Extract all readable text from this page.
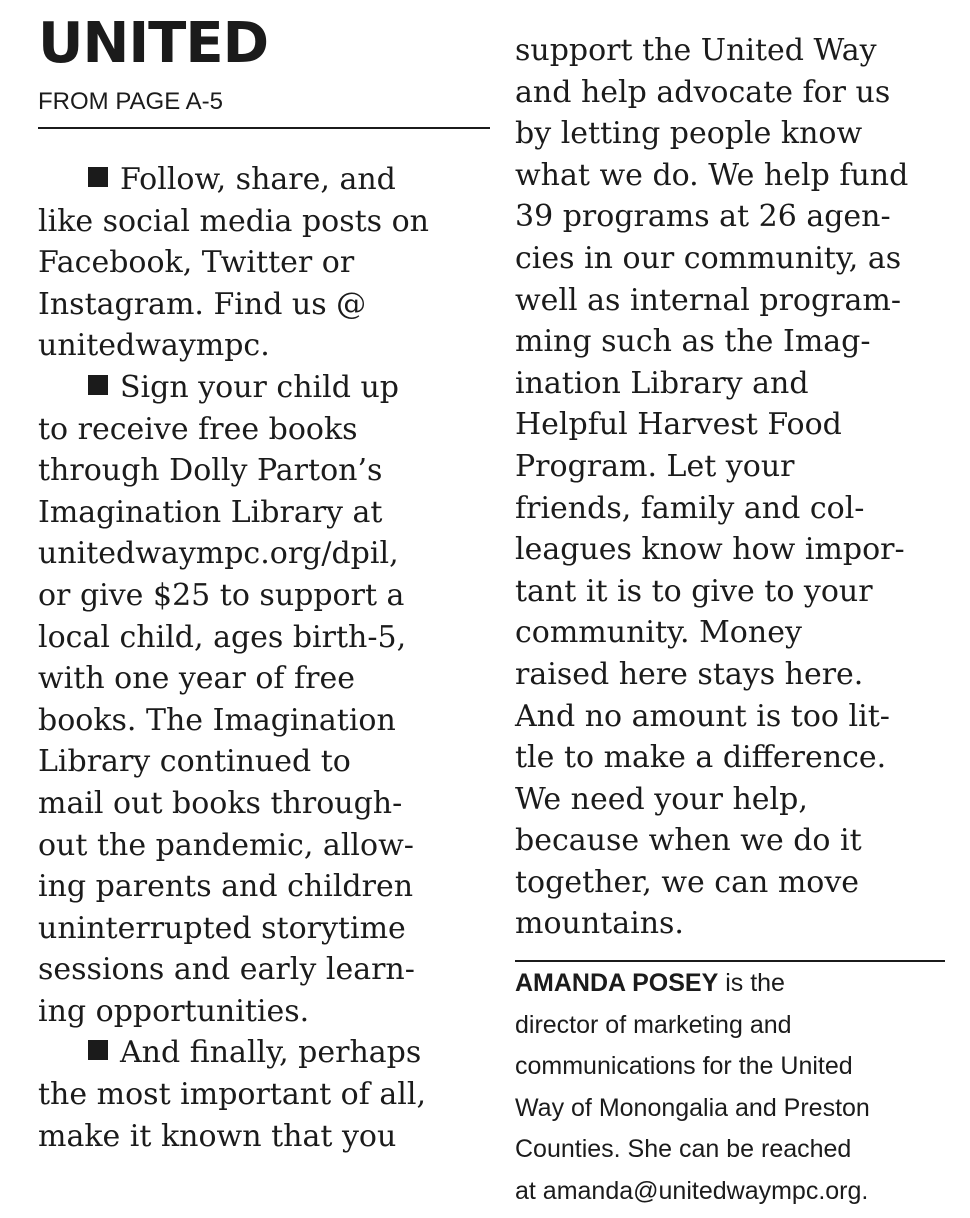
UNITED
FROM PAGE A-5
Follow, share, and
like social media posts on
Facebook, Twitter or
Instagram. Find us @
unitedwaympc.
Sign your child up
to receive free books
through Dolly Parton’s
Imagination Library at
unitedwaympc.org/dpil,
or give $25 to support a
local child, ages birth-5,
with one year of free
books. The Imagination
Library continued to
mail out books through-
out the pandemic, allow-
ing parents and children
uninterrupted storytime
sessions and early learn-
ing opportunities.
And finally, perhaps
the most important of all,
make it known that you
support the United Way
and help advocate for us
by letting people know
what we do. We help fund
39 programs at 26 agen-
cies in our community, as
well as internal program-
ming such as the Imag-
ination Library and
Helpful Harvest Food
Program. Let your
friends, family and col-
leagues know how impor-
tant it is to give to your
community. Money
raised here stays here.
And no amount is too lit-
tle to make a difference.
We need your help,
because when we do it
together, we can move
mountains.
AMANDA POSEY is the
director of marketing and
communications for the United
Way of Monongalia and Preston
Counties. She can be reached
at amanda@unitedwaympc.org.
